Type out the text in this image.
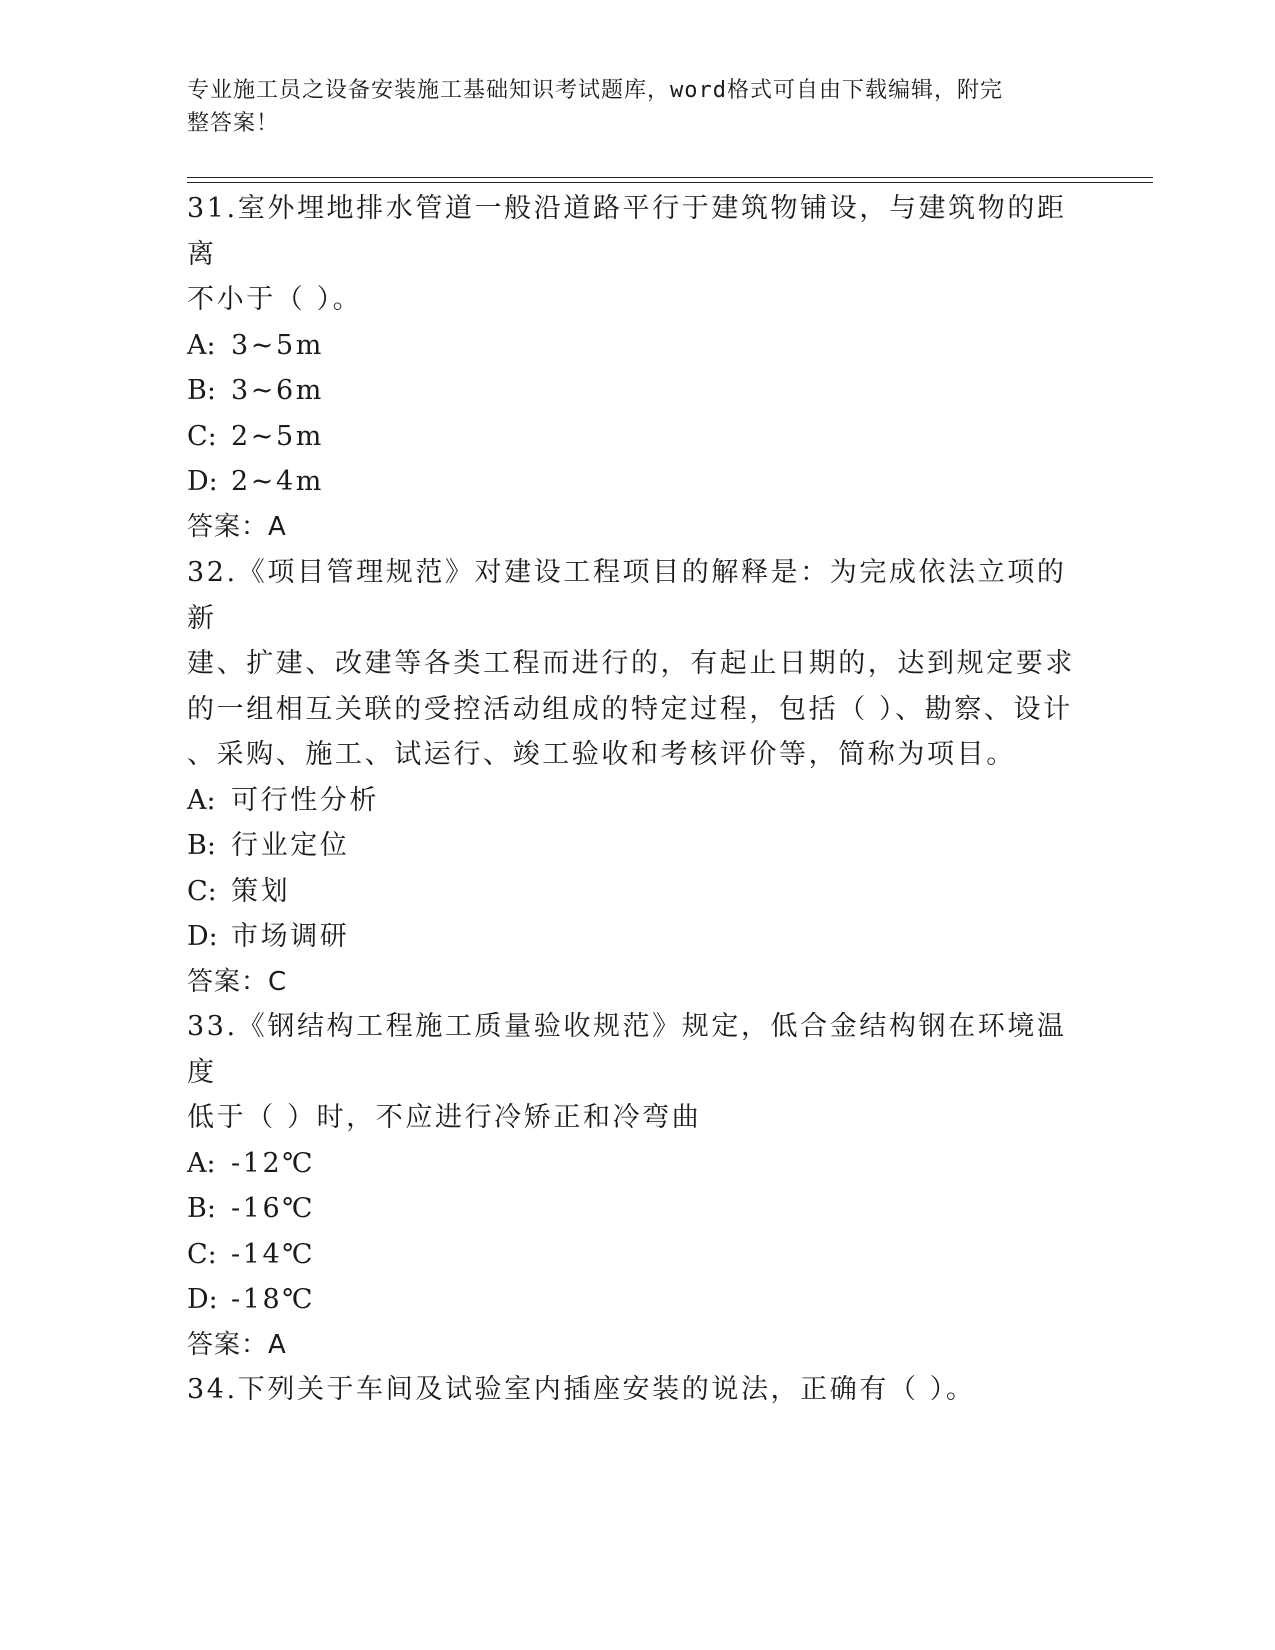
专业施工员之设备安装施工基础知识考试题库，word格式可自由下载编辑，附完
整答案！

31.室外埋地排水管道一般沿道路平行于建筑物铺设，与建筑物的距离

不小于（ ）。

A: 3~5m
B: 3~6m
C: 2~5m
D: 2~4m

答案：A

32.《项目管理规范》对建设工程项目的解释是：为完成依法立项的新

建、扩建、改建等各类工程而进行的，有起止日期的，达到规定要求

的一组相互关联的受控活动组成的特定过程，包括（ ）、勘察、设计

、采购、施工、试运行、竣工验收和考核评价等，简称为项目。

A: 可行性分析
B: 行业定位
C: 策划
D: 市场调研

答案：C

33.《钢结构工程施工质量验收规范》规定，低合金结构钢在环境温度

低于（ ）时，不应进行冷矫正和冷弯曲

A: -12℃
B: -16℃
C: -14℃
D: -18℃

答案：A

34.下列关于车间及试验室内插座安装的说法，正确有（ ）。
